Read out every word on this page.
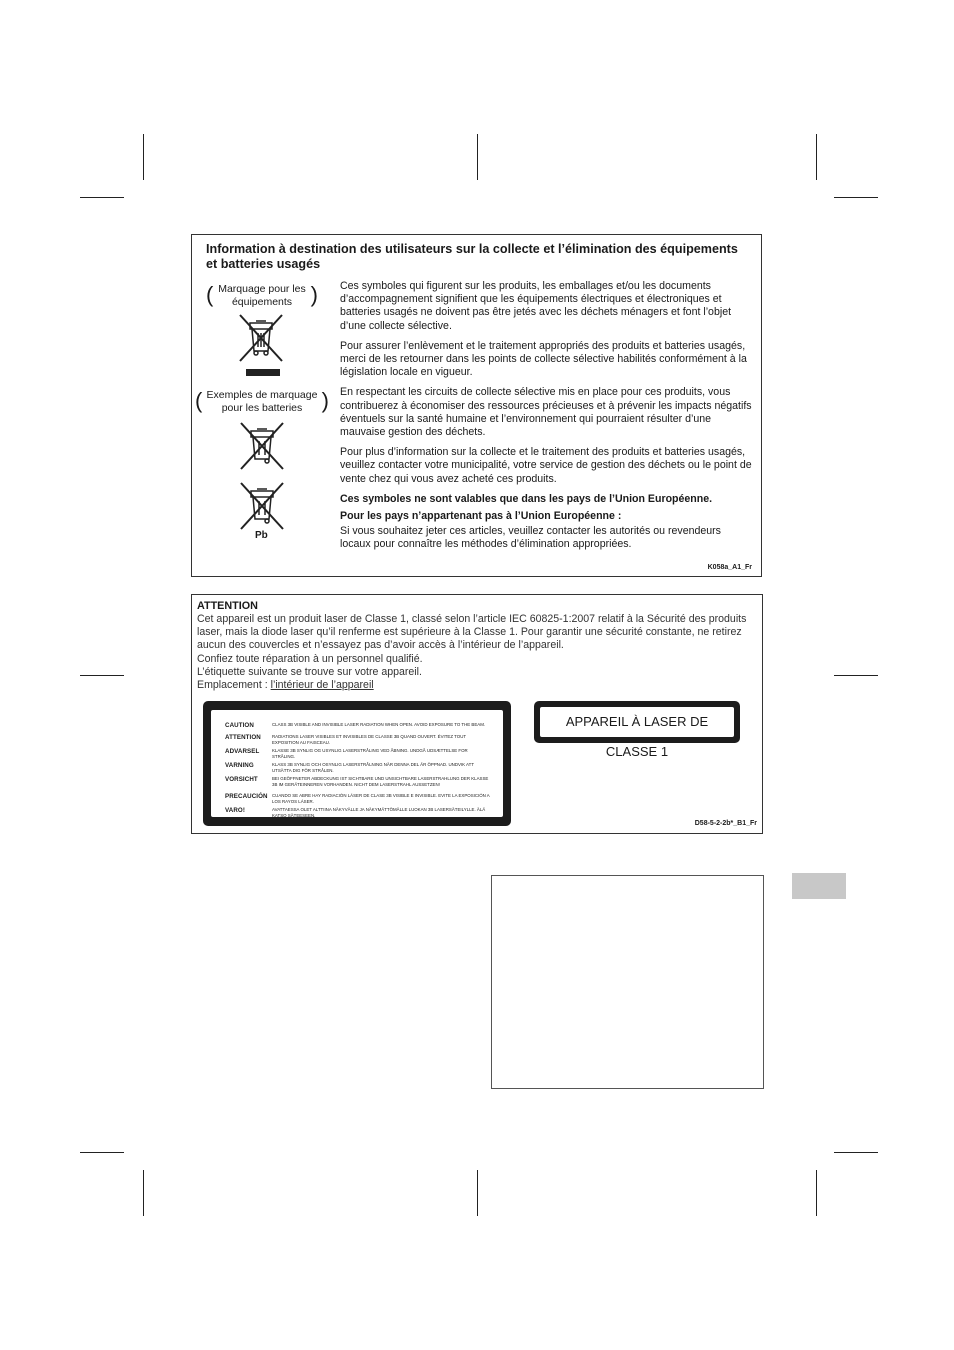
Information à destination des utilisateurs sur la collecte et l’élimination des équipements et batteries usagés
( Marquage pour les équipements )
( Exemples de marquage pour les batteries )
Pb

Ces symboles qui figurent sur les produits, les emballages et/ou les documents d’accompagnement signifient que les équipements électriques et électroniques et batteries usagés ne doivent pas être jetés avec les déchets ménagers et font l’objet d’une collecte sélective.

Pour assurer l’enlèvement et le traitement appropriés des produits et batteries usagés, merci de les retourner dans les points de collecte sélective habilités conformément à la législation locale en vigueur.

En respectant les circuits de collecte sélective mis en place pour ces produits, vous contribuerez à économiser des ressources précieuses et à prévenir les impacts négatifs éventuels sur la santé humaine et l’environnement qui pourraient résulter d’une mauvaise gestion des déchets.

Pour plus d’information sur la collecte et le traitement des produits et batteries usagés, veuillez contacter votre municipalité, votre service de gestion des déchets ou le point de vente chez qui vous avez acheté ces produits.

Ces symboles ne sont valables que dans les pays de l’Union Européenne.

Pour les pays n’appartenant pas à l’Union Européenne :

Si vous souhaitez jeter ces articles, veuillez contacter les autorités ou revendeurs locaux pour connaître les méthodes d’élimination appropriées.

K058a_A1_Fr
ATTENTION
Cet appareil est un produit laser de Classe 1, classé selon l’article IEC 60825-1:2007 relatif à la Sécurité des produits laser, mais la diode laser qu’il renferme est supérieure à la Classe 1. Pour garantir une sécurité constante, ne retirez aucun des couvercles et n’essayez pas d’avoir accès à l’intérieur de l’appareil.
Confiez toute réparation à un personnel qualifié.
L’étiquette suivante se trouve sur votre appareil.
Emplacement : l’intérieur de l’appareil
CAUTION	CLASS 3B VISIBLE AND INVISIBLE LASER RADIATION WHEN OPEN. AVOID EXPOSURE TO THE BEAM.
ATTENTION	RADIATIONS LASER VISIBLES ET INVISIBLES DE CLASSE 3B QUAND OUVERT. ÉVITEZ TOUT EXPOSITION AU FAISCEAU.
ADVARSEL	KLASSE 3B SYNLIG OG USYNLIG LASERSTRÅLING VED ÅBNING. UNDGÅ UDSÆTTELSE FOR STRÅLING.
VARNING	KLASS 3B SYNLIG OCH OSYNLIG LASERSTRÅLNING NÄR DENNA DEL ÄR ÖPPNAD. UNDVIK ATT UTSÄTTA DIG FÖR STRÅLEN.
VORSICHT	BEI GEÖFFNETER ABDECKUNG IST SICHTBARE UND UNSICHTBARE LASERSTRAHLUNG DER KLASSE 3B IM GERÄTEINNEREN VORHANDEN. NICHT DEM LASERSTRAHL AUSSETZEN!
PRECAUCIÓN CUANDO SE ABRE HAY RADIACIÓN LÁSER DE CLASE 3B VISIBLE E INVISIBLE. EVITE LA EXPOSICIÓN A LOS RAYOS LÁSER.
VARO!	AVATTAESSA OLET ALTTIINA NÄKYVÄLLE JA NÄKYMÄTTÖMÄLLE LUOKAN 3B LASERSÄTEILYLLE. ÄLÄ KATSO SÄTEESEEN.
APPAREIL À LASER DE CLASSE 1
D58-5-2-2b*_B1_Fr
